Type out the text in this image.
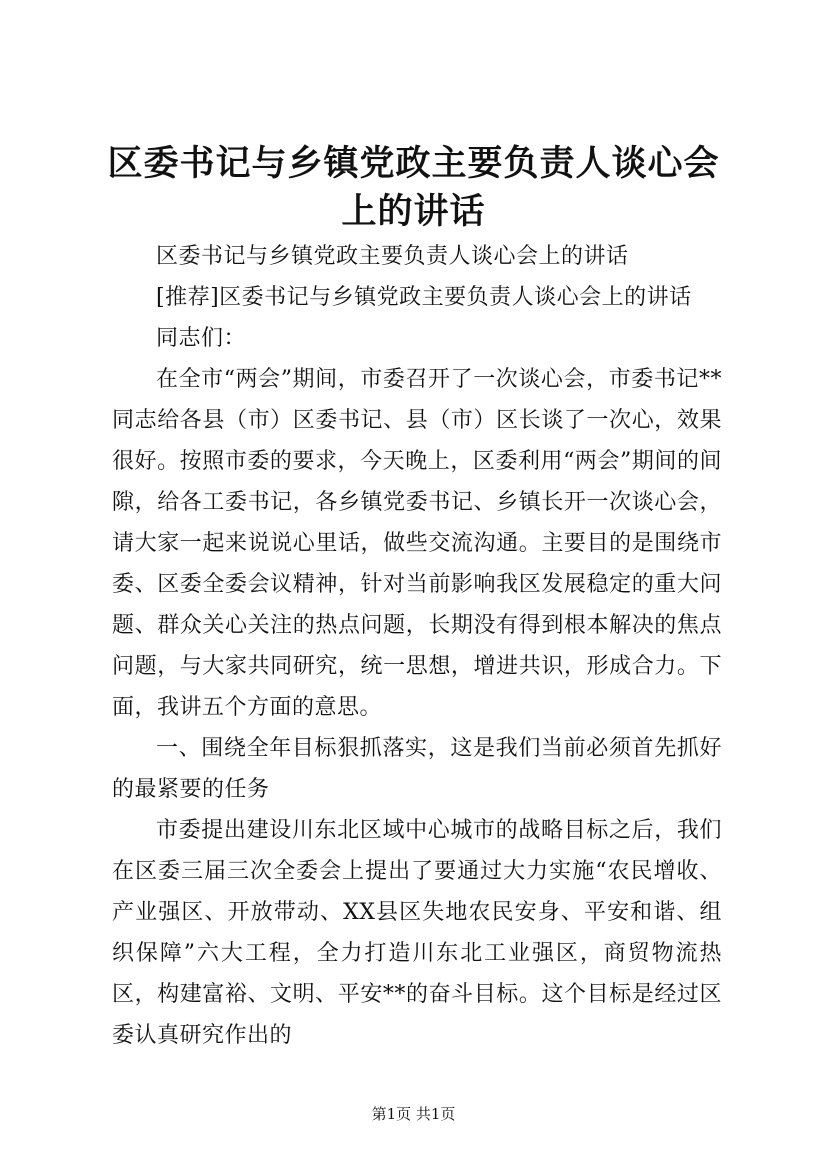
区委书记与乡镇党政主要负责人谈心会上的讲话

区委书记与乡镇党政主要负责人谈心会上的讲话

[推荐]区委书记与乡镇党政主要负责人谈心会上的讲话

同志们：

在全市“两会”期间，市委召开了一次谈心会，市委书记**同志给各县（市）区委书记、县（市）区长谈了一次心，效果很好。按照市委的要求，今天晚上，区委利用“两会”期间的间隙，给各工委书记，各乡镇党委书记、乡镇长开一次谈心会，请大家一起来说说心里话，做些交流沟通。主要目的是围绕市委、区委全委会议精神，针对当前影响我区发展稳定的重大问题、群众关心关注的热点问题，长期没有得到根本解决的焦点问题，与大家共同研究，统一思想，增进共识，形成合力。下面，我讲五个方面的意思。

一、围绕全年目标狠抓落实，这是我们当前必须首先抓好的最紧要的任务

市委提出建设川东北区域中心城市的战略目标之后，我们在区委三届三次全委会上提出了要通过大力实施“农民增收、产业强区、开放带动、XX县区失地农民安身、平安和谐、组织保障”六大工程，全力打造川东北工业强区，商贸物流热区，构建富裕、文明、平安**的奋斗目标。这个目标是经过区委认真研究作出的

第1页 共1页
